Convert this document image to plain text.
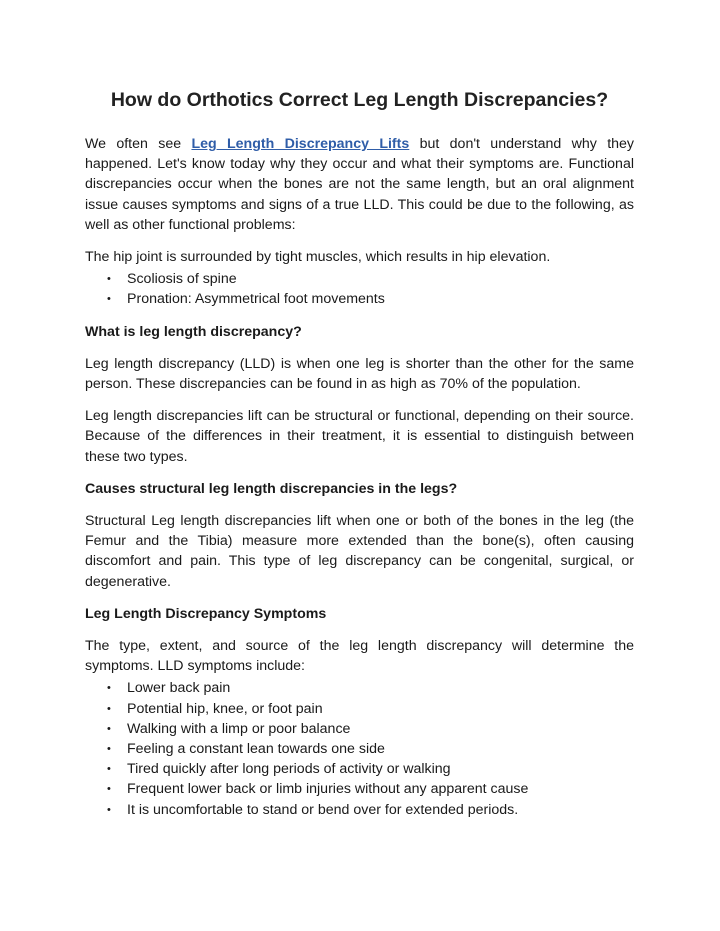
How do Orthotics Correct Leg Length Discrepancies?

We often see Leg Length Discrepancy Lifts but don't understand why they happened. Let's know today why they occur and what their symptoms are. Functional discrepancies occur when the bones are not the same length, but an oral alignment issue causes symptoms and signs of a true LLD. This could be due to the following, as well as other functional problems:

The hip joint is surrounded by tight muscles, which results in hip elevation.

• Scoliosis of spine
• Pronation: Asymmetrical foot movements

What is leg length discrepancy?

Leg length discrepancy (LLD) is when one leg is shorter than the other for the same person. These discrepancies can be found in as high as 70% of the population.

Leg length discrepancies lift can be structural or functional, depending on their source. Because of the differences in their treatment, it is essential to distinguish between these two types.

Causes structural leg length discrepancies in the legs?

Structural Leg length discrepancies lift when one or both of the bones in the leg (the Femur and the Tibia) measure more extended than the bone(s), often causing discomfort and pain. This type of leg discrepancy can be congenital, surgical, or degenerative.

Leg Length Discrepancy Symptoms

The type, extent, and source of the leg length discrepancy will determine the symptoms. LLD symptoms include:

• Lower back pain
• Potential hip, knee, or foot pain
• Walking with a limp or poor balance
• Feeling a constant lean towards one side
• Tired quickly after long periods of activity or walking
• Frequent lower back or limb injuries without any apparent cause
• It is uncomfortable to stand or bend over for extended periods.
